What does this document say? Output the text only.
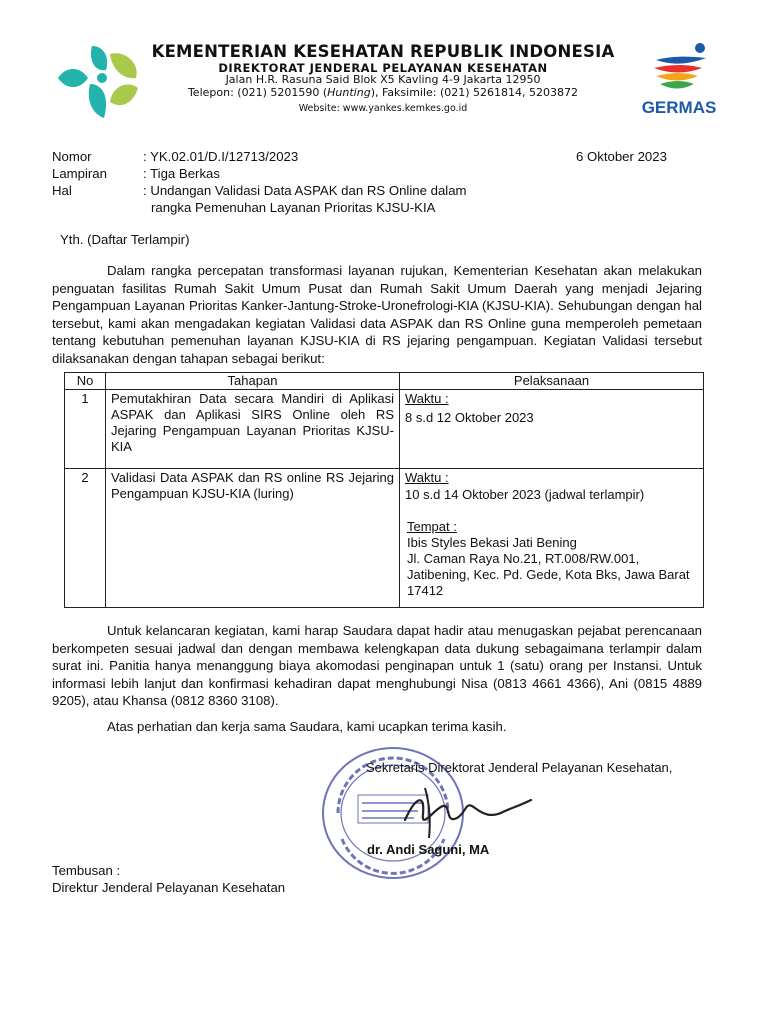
KEMENTERIAN KESEHATAN REPUBLIK INDONESIA
DIREKTORAT JENDERAL PELAYANAN KESEHATAN
Jalan H.R. Rasuna Said Blok X5 Kavling 4-9 Jakarta 12950
Telepon: (021) 5201590 (Hunting), Faksimile: (021) 5261814, 5203872
Website: www.yankes.kemkes.go.id	GERMAS
Nomor	: YK.02.01/D.I/12713/2023	6 Oktober 2023
Lampiran	: Tiga Berkas
Hal	: Undangan Validasi Data ASPAK dan RS Online dalam
rangka Pemenuhan Layanan Prioritas KJSU-KIA
Yth. (Daftar Terlampir)
Dalam rangka percepatan transformasi layanan rujukan, Kementerian Kesehatan akan melakukan penguatan fasilitas Rumah Sakit Umum Pusat dan Rumah Sakit Umum Daerah yang menjadi Jejaring Pengampuan Layanan Prioritas Kanker-Jantung-Stroke-Uronefrologi-KIA (KJSU-KIA). Sehubungan dengan hal tersebut, kami akan mengadakan kegiatan Validasi data ASPAK dan RS Online guna memperoleh pemetaan tentang kebutuhan pemenuhan layanan KJSU-KIA di RS jejaring pengampuan. Kegiatan Validasi tersebut dilaksanakan dengan tahapan sebagai berikut:
No	Tahapan	Pelaksanaan
1	Pemutakhiran Data secara Mandiri di Aplikasi ASPAK dan Aplikasi SIRS Online oleh RS Jejaring Pengampuan Layanan Prioritas KJSU-KIA	Waktu :
8 s.d 12 Oktober 2023

2	Validasi Data ASPAK dan RS online RS Jejaring Pengampuan KJSU-KIA (luring)	Waktu :
10 s.d 14 Oktober 2023 (jadwal terlampir)
Tempat :
Ibis Styles Bekasi Jati Bening
Jl. Caman Raya No.21, RT.008/RW.001, Jatibening, Kec. Pd. Gede, Kota Bks, Jawa Barat 17412
Untuk kelancaran kegiatan, kami harap Saudara dapat hadir atau menugaskan pejabat perencanaan berkompeten sesuai jadwal dan dengan membawa kelengkapan data dukung sebagaimana terlampir dalam surat ini. Panitia hanya menanggung biaya akomodasi penginapan untuk 1 (satu) orang per Instansi. Untuk informasi lebih lanjut dan konfirmasi kehadiran dapat menghubungi Nisa (0813 4661 4366), Ani (0815 4889 9205), atau Khansa (0812 8360 3108).
Atas perhatian dan kerja sama Saudara, kami ucapkan terima kasih.
Sekretaris Direktorat Jenderal Pelayanan Kesehatan,
dr. Andi Saguni, MA
Tembusan :
Direktur Jenderal Pelayanan Kesehatan
